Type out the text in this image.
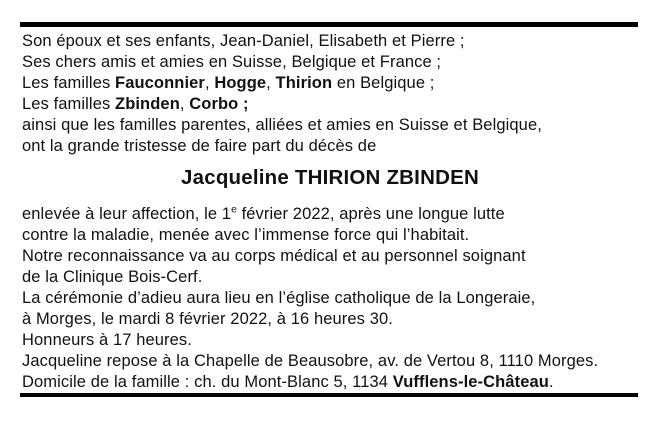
Son époux et ses enfants, Jean-Daniel, Elisabeth et Pierre ;
Ses chers amis et amies en Suisse, Belgique et France ;
Les familles Fauconnier, Hogge, Thirion en Belgique ;
Les familles Zbinden, Corbo ;
ainsi que les familles parentes, alliées et amies en Suisse et Belgique,
ont la grande tristesse de faire part du décès de
Jacqueline THIRION ZBINDEN
enlevée à leur affection, le 1e février 2022, après une longue lutte
contre la maladie, menée avec l’immense force qui l’habitait.
Notre reconnaissance va au corps médical et au personnel soignant
de la Clinique Bois-Cerf.
La cérémonie d’adieu aura lieu en l’église catholique de la Longeraie,
à Morges, le mardi 8 février 2022, à 16 heures 30.
Honneurs à 17 heures.
Jacqueline repose à la Chapelle de Beausobre, av. de Vertou 8, 1110 Morges.
Domicile de la famille : ch. du Mont-Blanc 5, 1134 Vufflens-le-Château.
